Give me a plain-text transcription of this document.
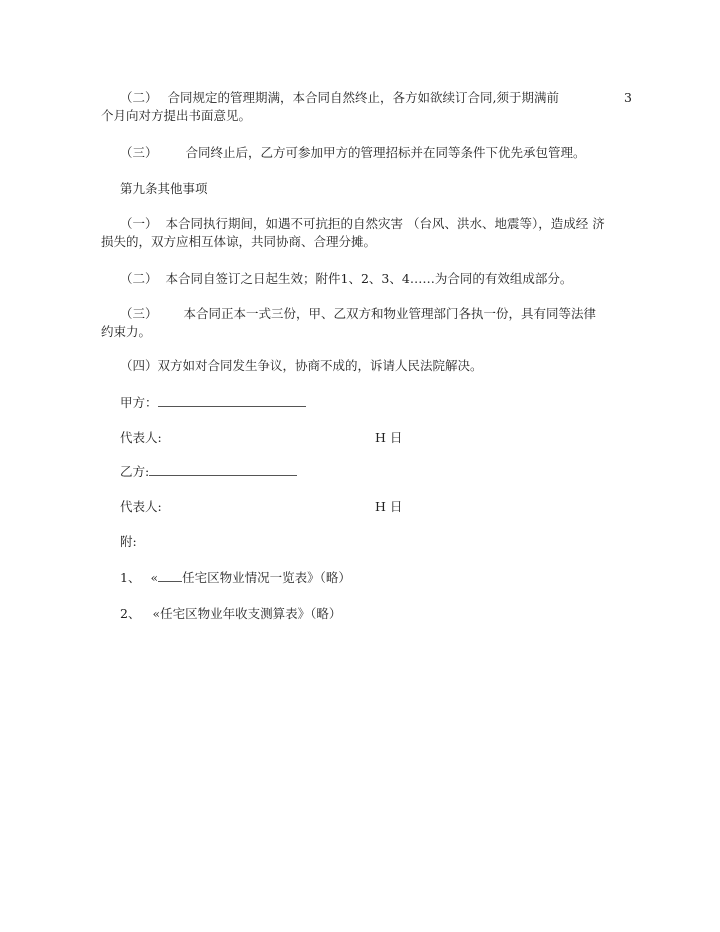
（二） 合同规定的管理期满，本合同自然终止，各方如欲续订合同,须于期满前	3
个月向对方提出书面意见。
（三） 合同终止后，乙方可参加甲方的管理招标并在同等条件下优先承包管理。
第九条其他事项
（一） 本合同执行期间，如遇不可抗拒的自然灾害 （台风、洪水、地震等），造成经 济
损失的，双方应相互体谅，共同协商、合理分摊。
（二） 本合同自签订之日起生效；附件1、2、3、4……为合同的有效组成部分。
（三） 本合同正本一式三份，甲、乙双方和物业管理部门各执一份，具有同等法律
约束力。
（四）双方如对合同发生争议，协商不成的，诉请人民法院解决。
甲方：
代表人:	H 日
乙方:
代表人:	H 日
附:
1、 « 任宅区物业情况一览表》（略）
2、 «任宅区物业年收支测算表》（略）
